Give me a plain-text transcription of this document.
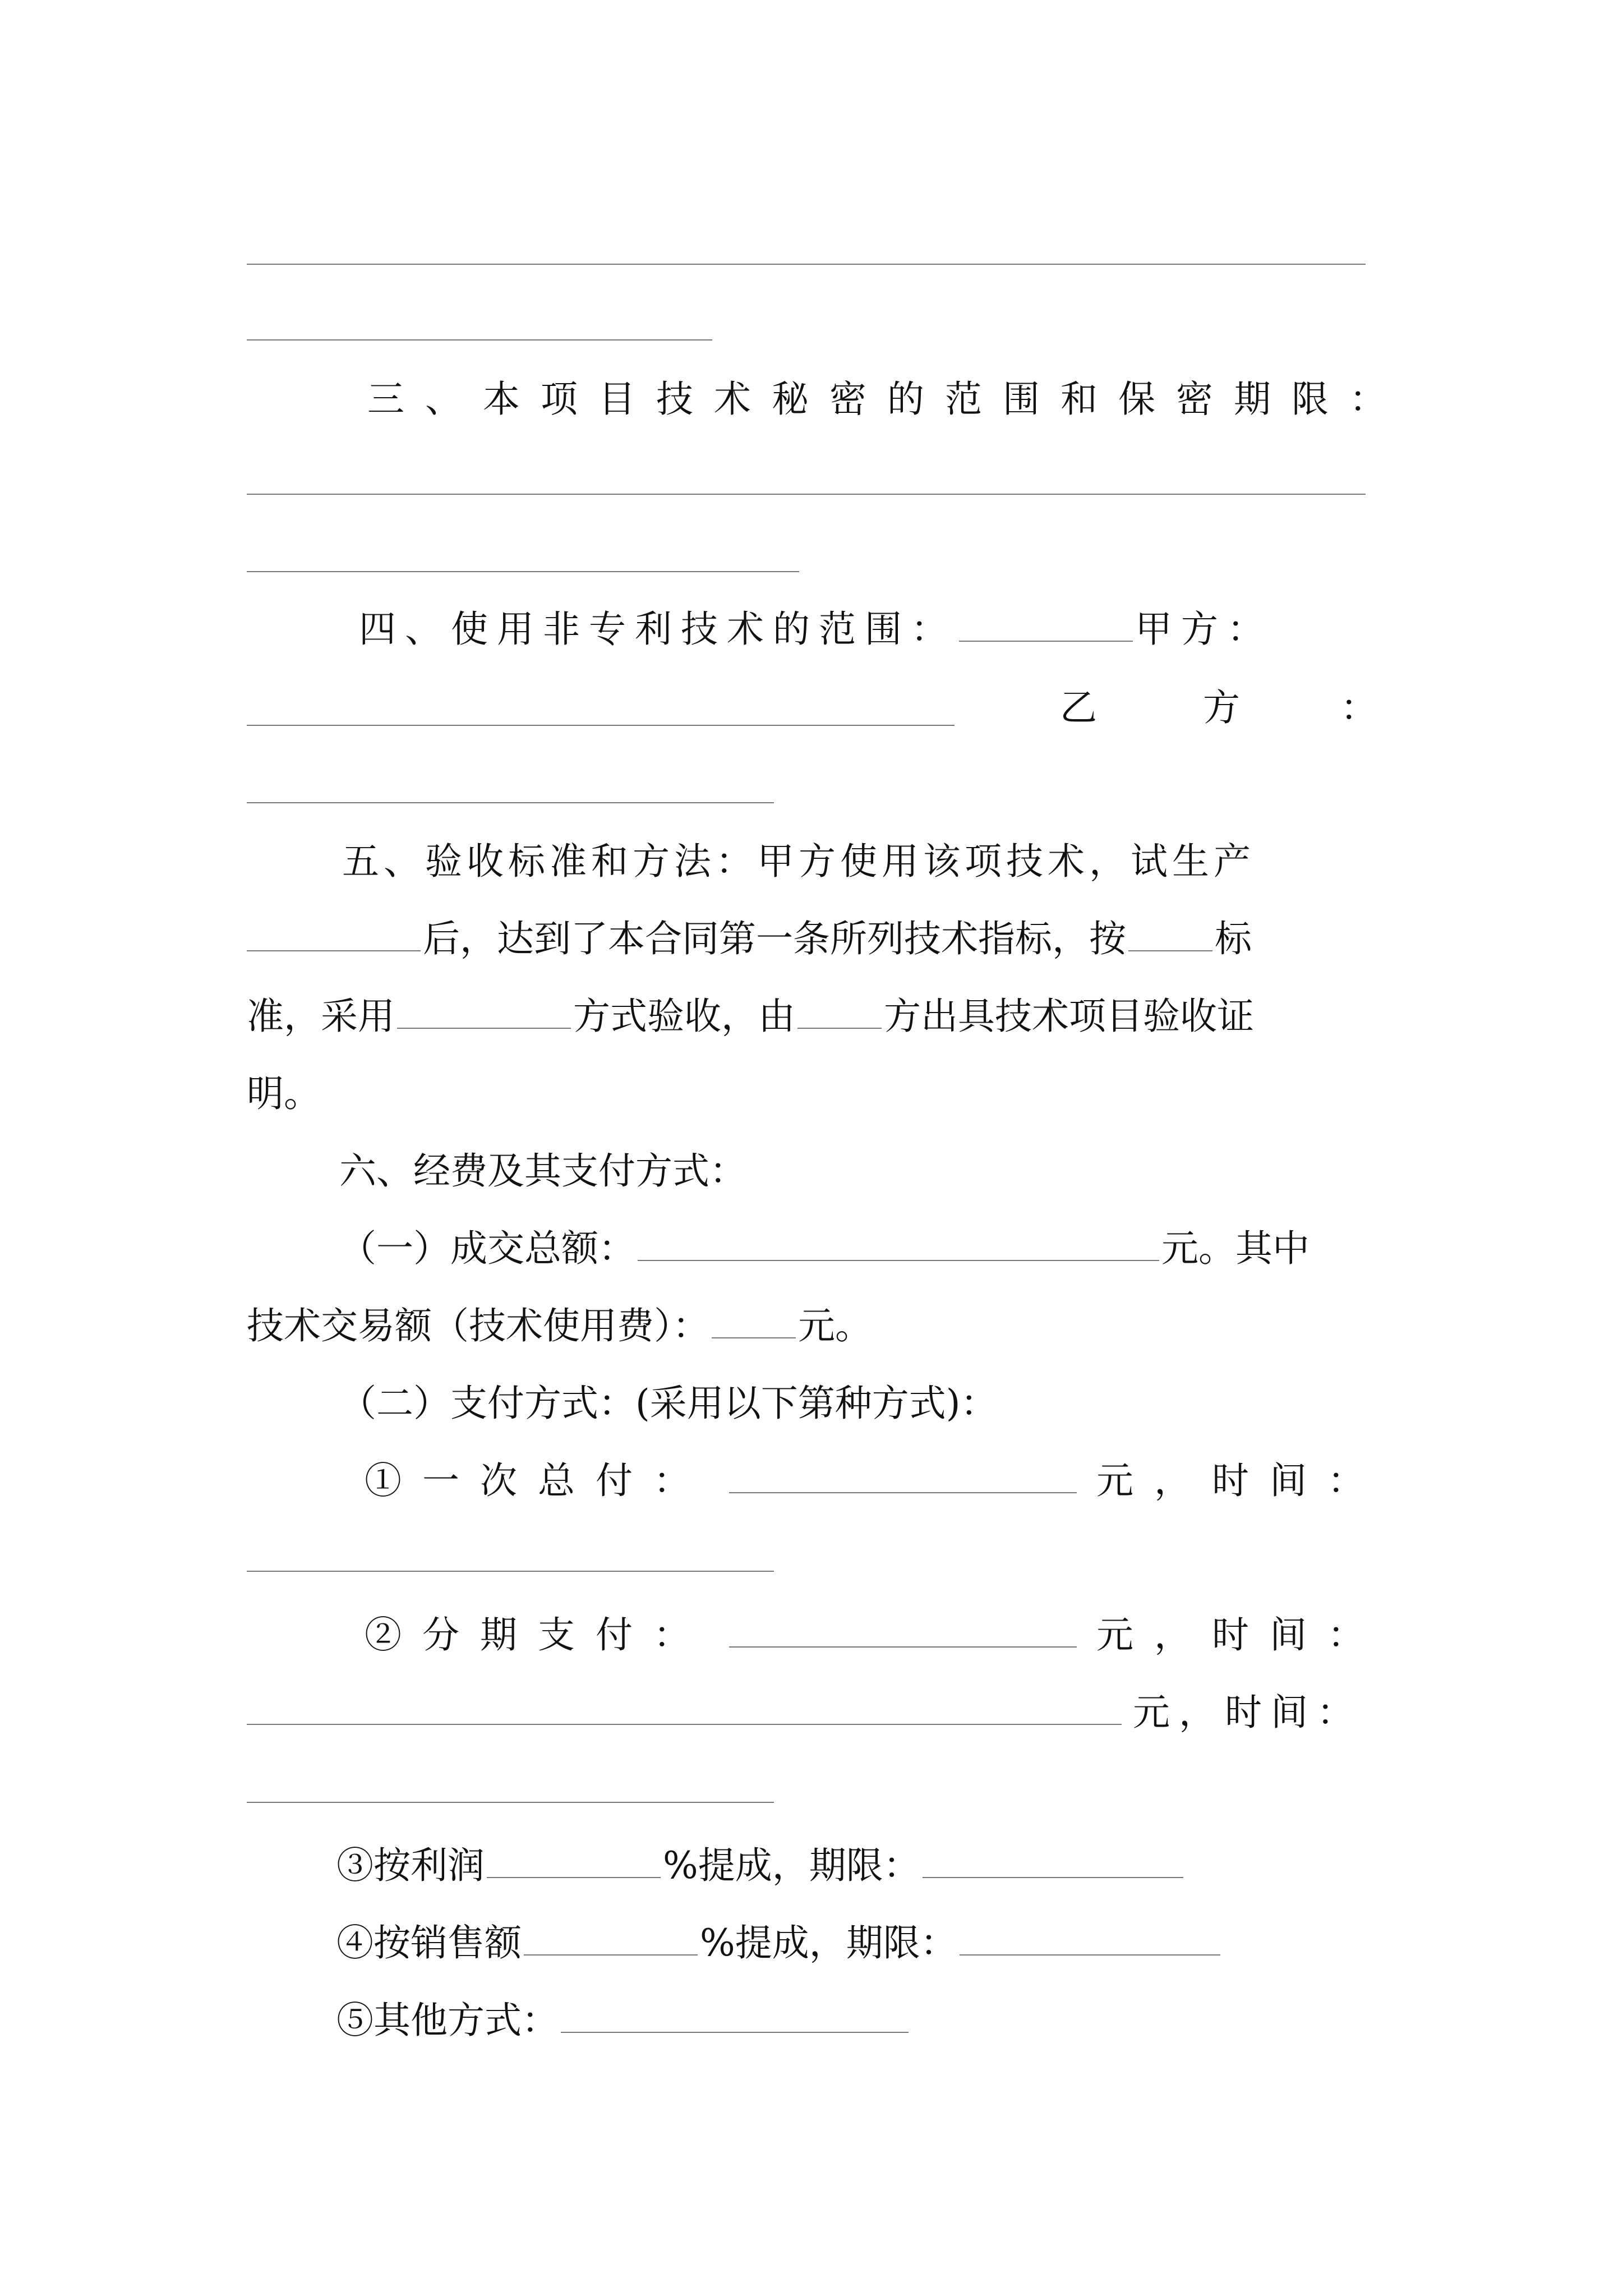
三、本项目技术秘密的范围和保密期限：
四、使用非专利技术的范围：	甲方：
乙	方	：
五、验收标准和方法：甲方使用该项技术，试生产
后，达到了本合同第一条所列技术指标，按 标
准，采用	方式验收，由 方出具技术项目验收证
明。
六、经费及其支付方式：
（一）成交总额：	元。其中
技术交易额（技术使用费）： 元。
（二）支付方式：(采用以下第种方式)：
①一次总付：	元，时间：
②分期支付：	元，时间：
元，时间：
③按利润	%提成，期限：
④按销售额	%提成，期限：
⑤其他方式：
